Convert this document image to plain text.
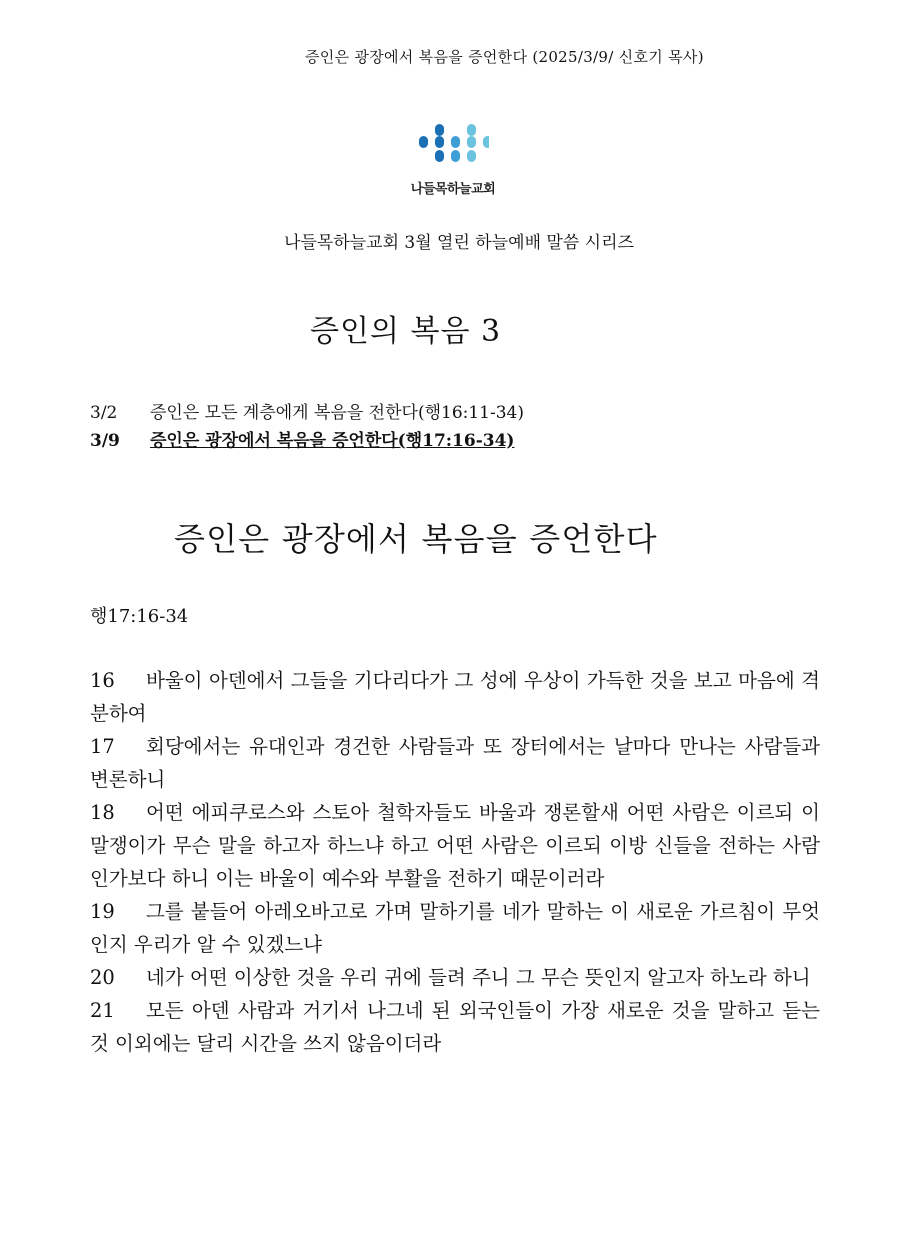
증인은 광장에서 복음을 증언한다 (2025/3/9/ 신호기 목사)
나들목하늘교회
나들목하늘교회 3월 열린 하늘예배 말씀 시리즈
증인의 복음 3
3/2 증인은 모든 계층에게 복음을 전한다(행16:11-34)
3/9 증인은 광장에서 복음을 증언한다(행17:16-34)
증인은 광장에서 복음을 증언한다
행17:16-34

16 바울이 아덴에서 그들을 기다리다가 그 성에 우상이 가득한 것을 보고 마음에 격분하여

17 회당에서는 유대인과 경건한 사람들과 또 장터에서는 날마다 만나는 사람들과 변론하니

18 어떤 에피쿠로스와 스토아 철학자들도 바울과 쟁론할새 어떤 사람은 이르되 이 말쟁이가 무슨 말을 하고자 하느냐 하고 어떤 사람은 이르되 이방 신들을 전하는 사람인가보다 하니 이는 바울이 예수와 부활을 전하기 때문이러라

19 그를 붙들어 아레오바고로 가며 말하기를 네가 말하는 이 새로운 가르침이 무엇인지 우리가 알 수 있겠느냐

20 네가 어떤 이상한 것을 우리 귀에 들려 주니 그 무슨 뜻인지 알고자 하노라 하니

21 모든 아덴 사람과 거기서 나그네 된 외국인들이 가장 새로운 것을 말하고 듣는 것 이외에는 달리 시간을 쓰지 않음이더라
